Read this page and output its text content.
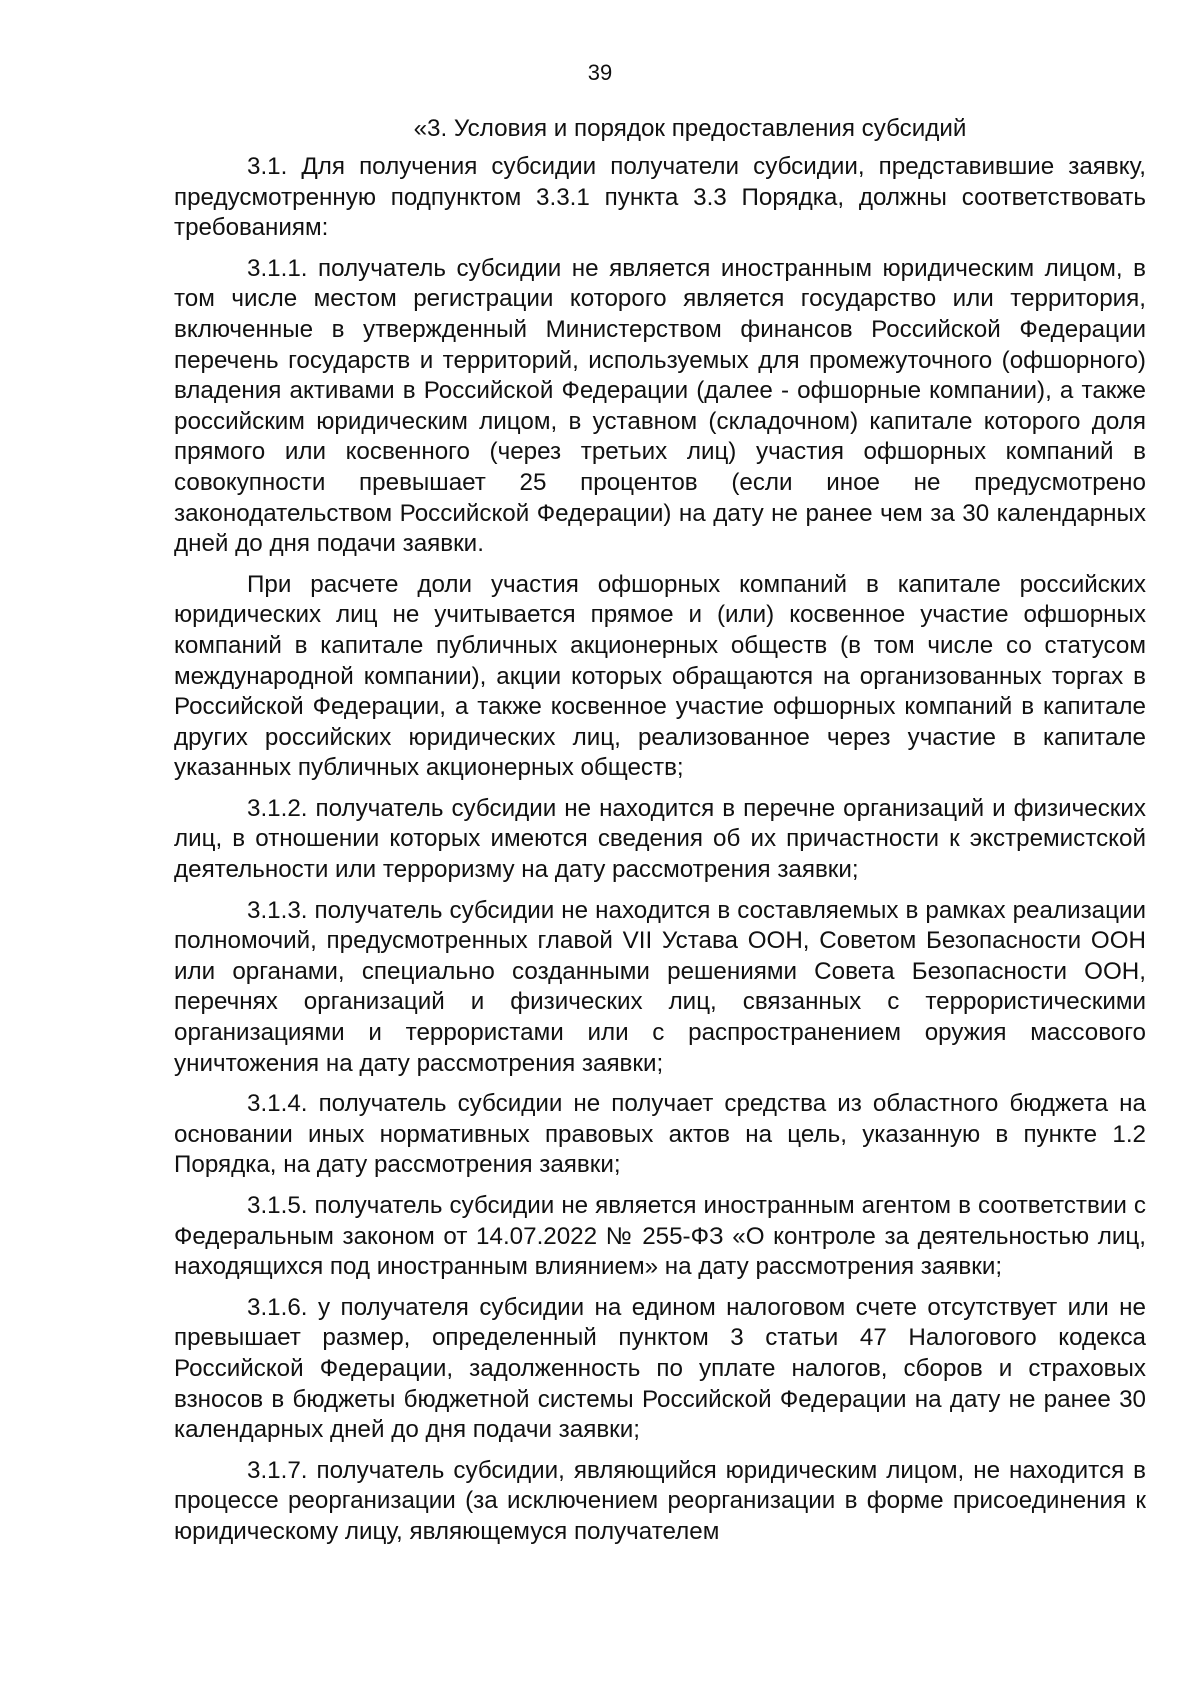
39
«3. Условия и порядок предоставления субсидий

3.1. Для получения субсидии получатели субсидии, представившие заявку, предусмотренную подпунктом 3.3.1 пункта 3.3 Порядка, должны соответствовать требованиям:

3.1.1. получатель субсидии не является иностранным юридическим лицом, в том числе местом регистрации которого является государство или территория, включенные в утвержденный Министерством финансов Российской Федерации перечень государств и территорий, используемых для промежуточного (офшорного) владения активами в Российской Федерации (далее - офшорные компании), а также российским юридическим лицом, в уставном (складочном) капитале которого доля прямого или косвенного (через третьих лиц) участия офшорных компаний в совокупности превышает 25 процентов (если иное не предусмотрено законодательством Российской Федерации) на дату не ранее чем за 30 календарных дней до дня подачи заявки.

При расчете доли участия офшорных компаний в капитале российских юридических лиц не учитывается прямое и (или) косвенное участие офшорных компаний в капитале публичных акционерных обществ (в том числе со статусом международной компании), акции которых обращаются на организованных торгах в Российской Федерации, а также косвенное участие офшорных компаний в капитале других российских юридических лиц, реализованное через участие в капитале указанных публичных акционерных обществ;

3.1.2. получатель субсидии не находится в перечне организаций и физических лиц, в отношении которых имеются сведения об их причастности к экстремистской деятельности или терроризму на дату рассмотрения заявки;

3.1.3. получатель субсидии не находится в составляемых в рамках реализации полномочий, предусмотренных главой VII Устава ООН, Советом Безопасности ООН или органами, специально созданными решениями Совета Безопасности ООН, перечнях организаций и физических лиц, связанных с террористическими организациями и террористами или с распространением оружия массового уничтожения на дату рассмотрения заявки;

3.1.4. получатель субсидии не получает средства из областного бюджета на основании иных нормативных правовых актов на цель, указанную в пункте 1.2 Порядка, на дату рассмотрения заявки;

3.1.5. получатель субсидии не является иностранным агентом в соответствии с Федеральным законом от 14.07.2022 № 255-ФЗ «О контроле за деятельностью лиц, находящихся под иностранным влиянием» на дату рассмотрения заявки;

3.1.6. у получателя субсидии на едином налоговом счете отсутствует или не превышает размер, определенный пунктом 3 статьи 47 Налогового кодекса Российской Федерации, задолженность по уплате налогов, сборов и страховых взносов в бюджеты бюджетной системы Российской Федерации на дату не ранее 30 календарных дней до дня подачи заявки;

3.1.7. получатель субсидии, являющийся юридическим лицом, не находится в процессе реорганизации (за исключением реорганизации в форме присоединения к юридическому лицу, являющемуся получателем
